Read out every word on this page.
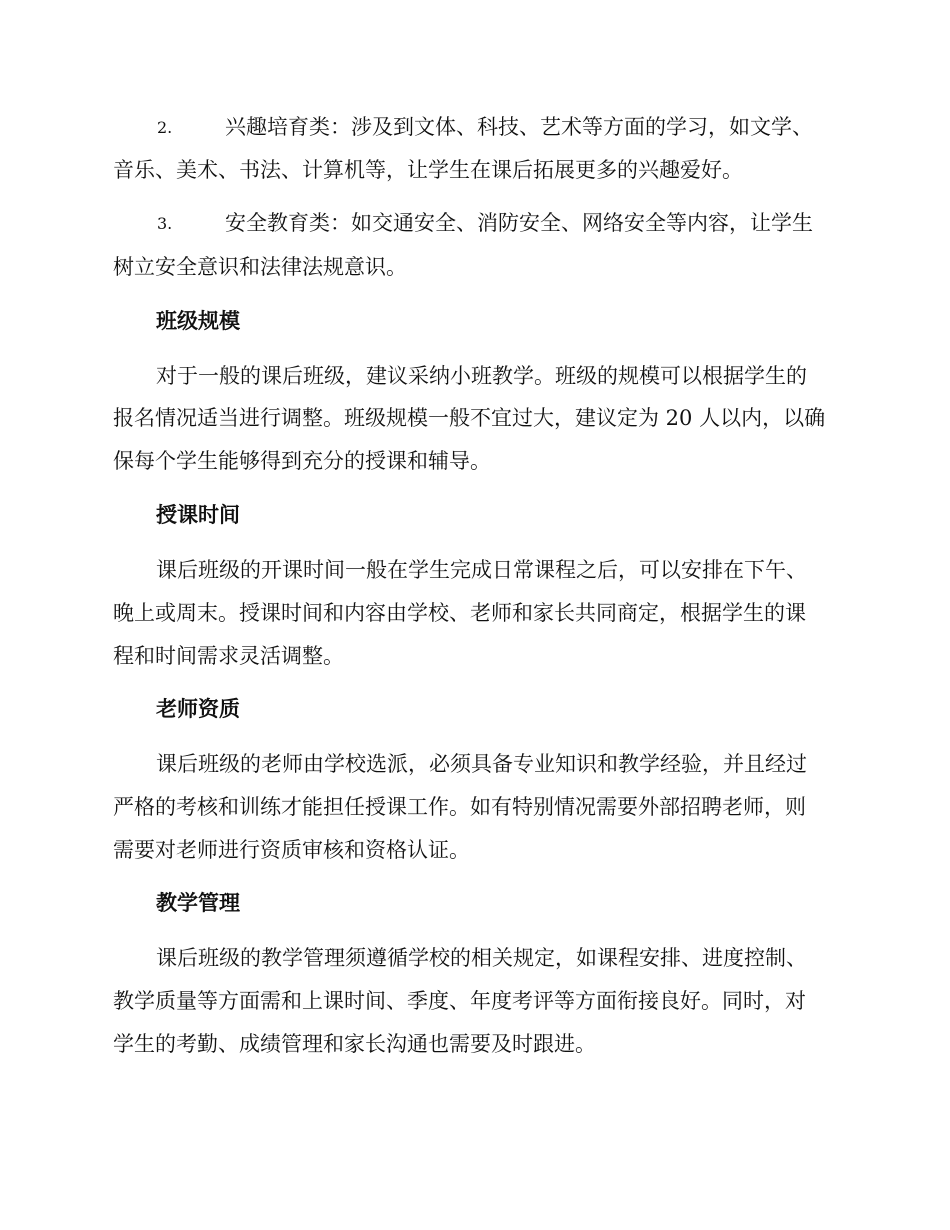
2.	兴趣培育类：涉及到文体、科技、艺术等方面的学习，如文学、
音乐、美术、书法、计算机等，让学生在课后拓展更多的兴趣爱好。
3.	安全教育类：如交通安全、消防安全、网络安全等内容，让学生
树立安全意识和法律法规意识。
班级规模
对于一般的课后班级，建议采纳小班教学。班级的规模可以根据学生的
报名情况适当进行调整。班级规模一般不宜过大，建议定为 20 人以内，以确
保每个学生能够得到充分的授课和辅导。
授课时间
课后班级的开课时间一般在学生完成日常课程之后，可以安排在下午、
晚上或周末。授课时间和内容由学校、老师和家长共同商定，根据学生的课
程和时间需求灵活调整。
老师资质
课后班级的老师由学校选派，必须具备专业知识和教学经验，并且经过
严格的考核和训练才能担任授课工作。如有特别情况需要外部招聘老师，则
需要对老师进行资质审核和资格认证。
教学管理
课后班级的教学管理须遵循学校的相关规定，如课程安排、进度控制、
教学质量等方面需和上课时间、季度、年度考评等方面衔接良好。同时，对
学生的考勤、成绩管理和家长沟通也需要及时跟进。
